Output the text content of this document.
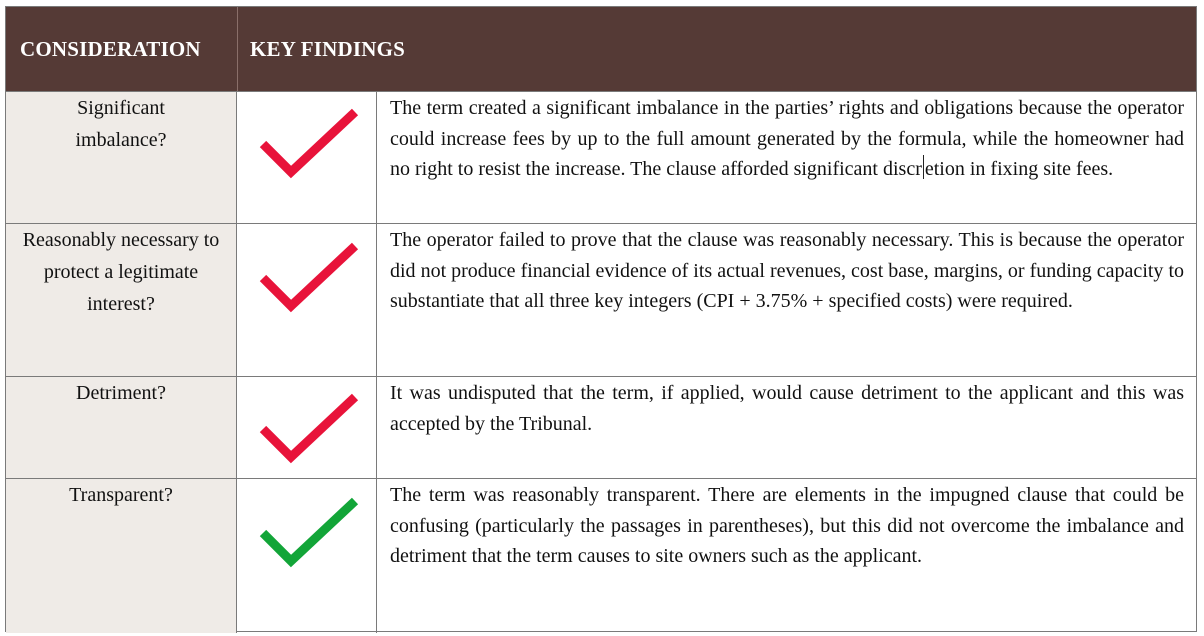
CONSIDERATION KEY FINDINGS
Significant imbalance?
The term created a significant imbalance in the parties’ rights and obligations because the operator could increase fees by up to the full amount generated by the formula, while the homeowner had no right to resist the increase. The clause afforded significant discr etion in fixing site fees.
Reasonably necessary to protect a legitimate interest?
The operator failed to prove that the clause was reasonably necessary. This is because the operator did not produce financial evidence of its actual revenues, cost base, margins, or funding capacity to substantiate that all three key integers (CPI + 3.75% + specified costs) were required.
Detriment?	It was undisputed that the term, if applied, would cause detriment to the applicant and this was accepted by the Tribunal.
Transparent?	The term was reasonably transparent. There are elements in the impugned clause that could be confusing (particularly the passages in parentheses), but this did not overcome the imbalance and detriment that the term causes to site owners such as the applicant.
